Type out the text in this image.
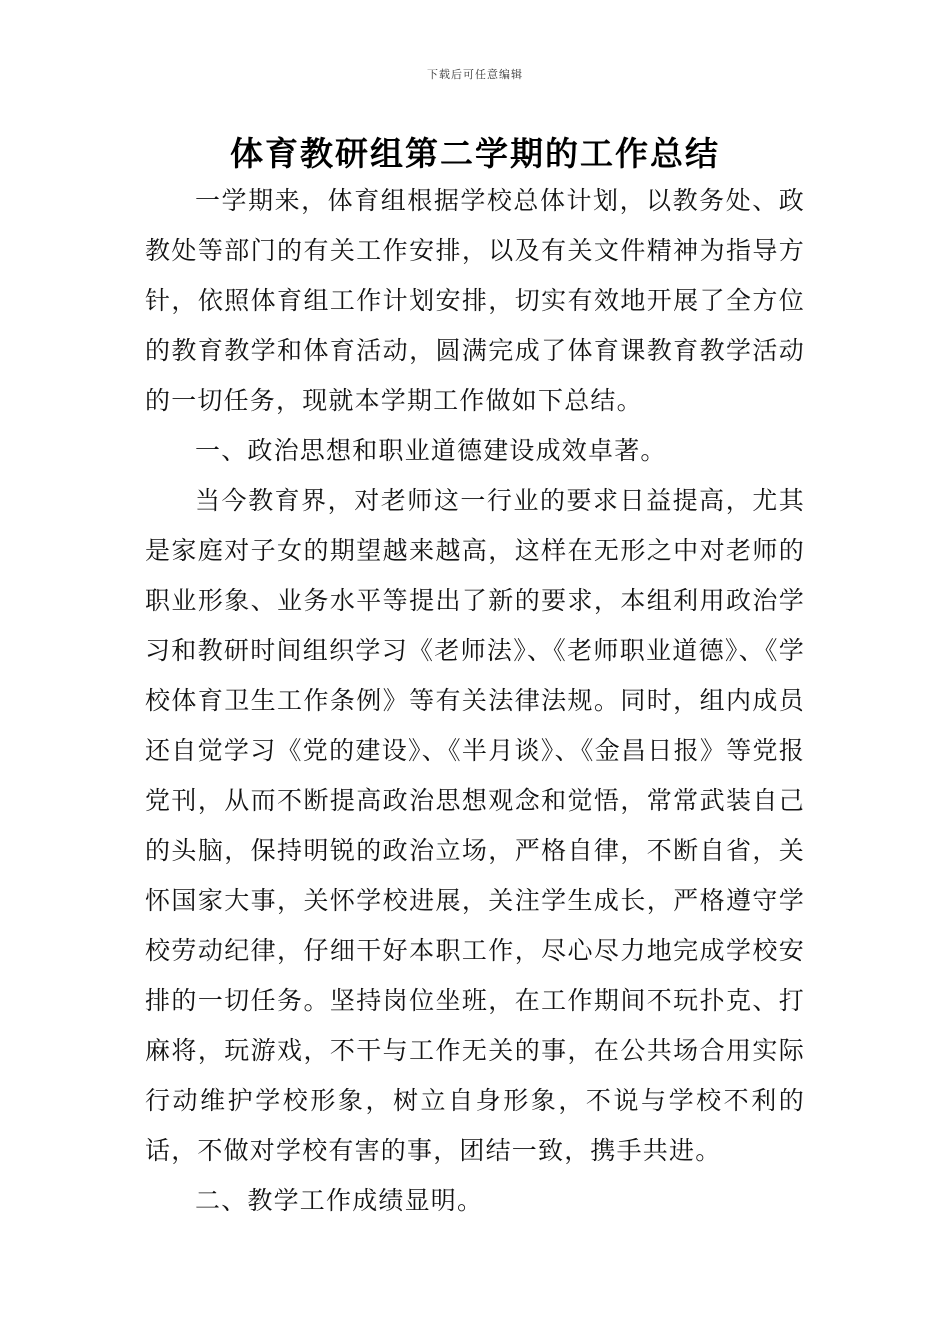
下载后可任意编辑
体育教研组第二学期的工作总结

一学期来，体育组根据学校总体计划，以教务处、政教处等部门的有关工作安排，以及有关文件精神为指导方针，依照体育组工作计划安排，切实有效地开展了全方位的教育教学和体育活动，圆满完成了体育课教育教学活动的一切任务，现就本学期工作做如下总结。

一、政治思想和职业道德建设成效卓著。

当今教育界，对老师这一行业的要求日益提高，尤其是家庭对子女的期望越来越高，这样在无形之中对老师的职业形象、业务水平等提出了新的要求，本组利用政治学习和教研时间组织学习《老师法》、《老师职业道德》、《学校体育卫生工作条例》等有关法律法规。同时，组内成员还自觉学习《党的建设》、《半月谈》、《金昌日报》等党报党刊，从而不断提高政治思想观念和觉悟，常常武装自己的头脑，保持明锐的政治立场，严格自律，不断自省，关怀国家大事，关怀学校进展，关注学生成长，严格遵守学校劳动纪律，仔细干好本职工作，尽心尽力地完成学校安排的一切任务。坚持岗位坐班，在工作期间不玩扑克、打麻将，玩游戏，不干与工作无关的事，在公共场合用实际行动维护学校形象，树立自身形象，不说与学校不利的话，不做对学校有害的事，团结一致，携手共进。

二、教学工作成绩显明。
